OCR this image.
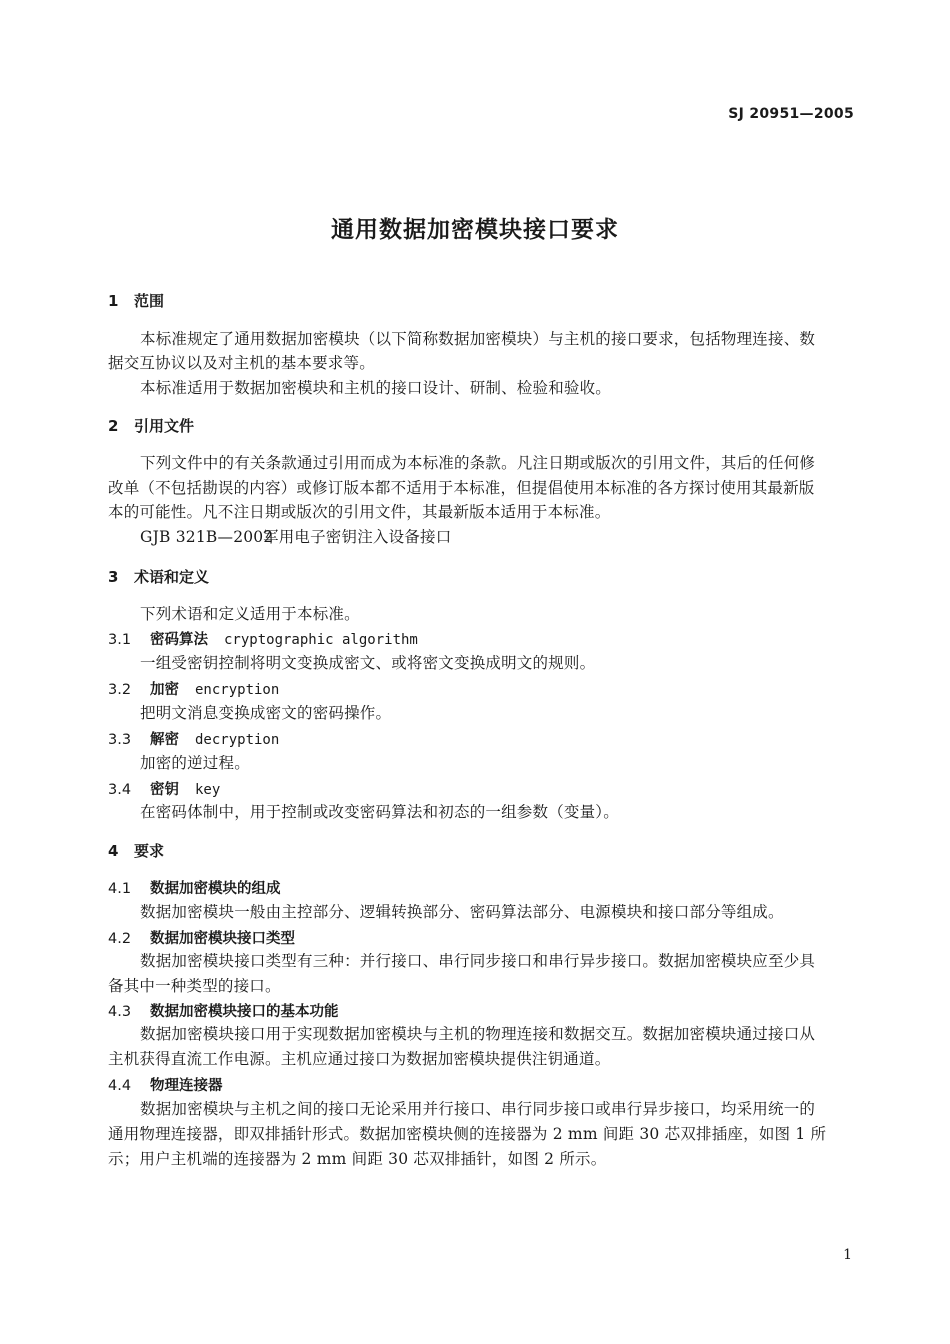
SJ 20951—2005
通用数据加密模块接口要求
1 范围
本标准规定了通用数据加密模块（以下简称数据加密模块）与主机的接口要求，包括物理连接、数
据交互协议以及对主机的基本要求等。
本标准适用于数据加密模块和主机的接口设计、研制、检验和验收。
2 引用文件
下列文件中的有关条款通过引用而成为本标准的条款。凡注日期或版次的引用文件，其后的任何修
改单（不包括勘误的内容）或修订版本都不适用于本标准，但提倡使用本标准的各方探讨使用其最新版
本的可能性。凡不注日期或版次的引用文件，其最新版本适用于本标准。
GJB 321B—2002军用电子密钥注入设备接口
3 术语和定义
下列术语和定义适用于本标准。
3.1 密码算法 cryptographic algorithm
一组受密钥控制将明文变换成密文、或将密文变换成明文的规则。
3.2 加密 encryption
把明文消息变换成密文的密码操作。
3.3 解密 decryption
加密的逆过程。
3.4 密钥 key
在密码体制中，用于控制或改变密码算法和初态的一组参数（变量）。
4 要求
4.1 数据加密模块的组成
数据加密模块一般由主控部分、逻辑转换部分、密码算法部分、电源模块和接口部分等组成。
4.2 数据加密模块接口类型
数据加密模块接口类型有三种：并行接口、串行同步接口和串行异步接口。数据加密模块应至少具
备其中一种类型的接口。
4.3 数据加密模块接口的基本功能
数据加密模块接口用于实现数据加密模块与主机的物理连接和数据交互。数据加密模块通过接口从
主机获得直流工作电源。主机应通过接口为数据加密模块提供注钥通道。
4.4 物理连接器
数据加密模块与主机之间的接口无论采用并行接口、串行同步接口或串行异步接口，均采用统一的
通用物理连接器，即双排插针形式。数据加密模块侧的连接器为 2 mm 间距 30 芯双排插座，如图 1 所
示；用户主机端的连接器为 2 mm 间距 30 芯双排插针，如图 2 所示。
1
